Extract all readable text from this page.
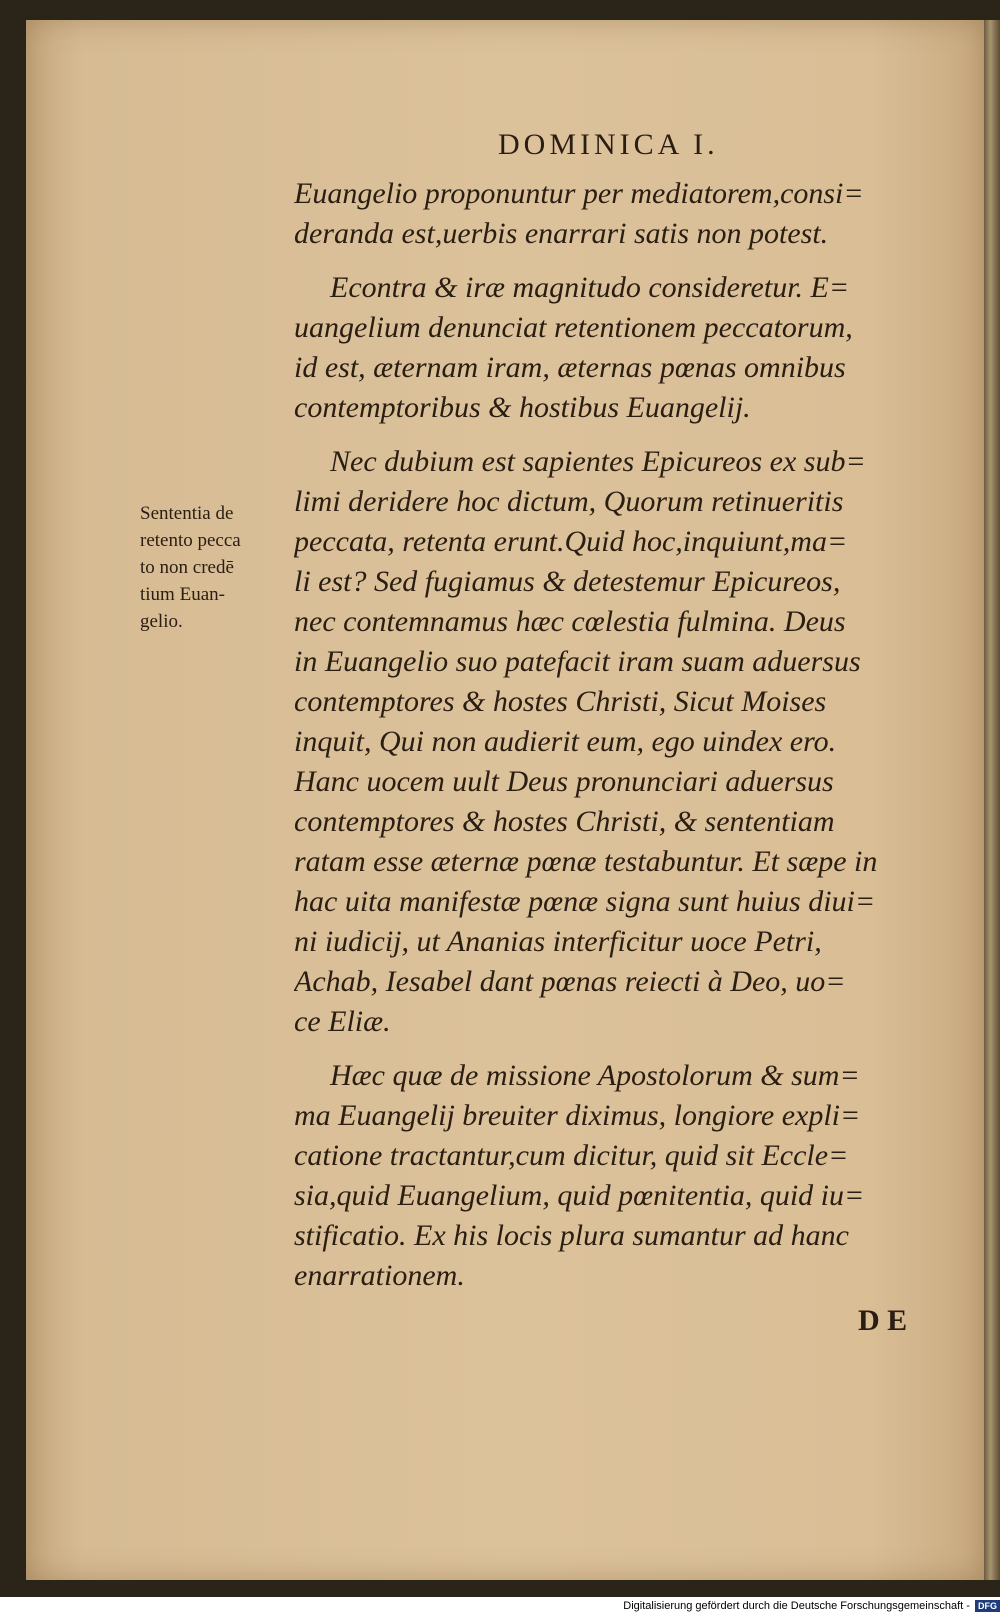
DOMINICA I.
Sententia de
retento pecca
to non credē
tium Euan-
gelio.
Euangelio proponuntur per mediatorem,consi=
deranda est,uerbis enarrari satis non potest.
Econtra & iræ magnitudo consideretur. E=
uangelium denunciat retentionem peccatorum,
id est, æternam iram, æternas pœnas omnibus
contemptoribus & hostibus Euangelij.
Nec dubium est sapientes Epicureos ex sub=
limi deridere hoc dictum, Quorum retinueritis
peccata, retenta erunt.Quid hoc,inquiunt,ma=
li est? Sed fugiamus & detestemur Epicureos,
nec contemnamus hæc cœlestia fulmina. Deus
in Euangelio suo patefacit iram suam aduersus
contemptores & hostes Christi, Sicut Moises
inquit, Qui non audierit eum, ego uindex ero.
Hanc uocem uult Deus pronunciari aduersus
contemptores & hostes Christi, & sententiam
ratam esse æternæ pœnæ testabuntur. Et sæpe in
hac uita manifestæ pœnæ signa sunt huius diui=
ni iudicij, ut Ananias interficitur uoce Petri,
Achab, Iesabel dant pœnas reiecti à Deo, uo=
ce Eliæ.
Hæc quæ de missione Apostolorum & sum=
ma Euangelij breuiter diximus, longiore expli=
catione tractantur,cum dicitur, quid sit Eccle=
sia,quid Euangelium, quid pœnitentia, quid iu=
stificatio. Ex his locis plura sumantur ad hanc
enarrationem.
D E
Digitalisierung gefördert durch die Deutsche Forschungsgemeinschaft - DFG
